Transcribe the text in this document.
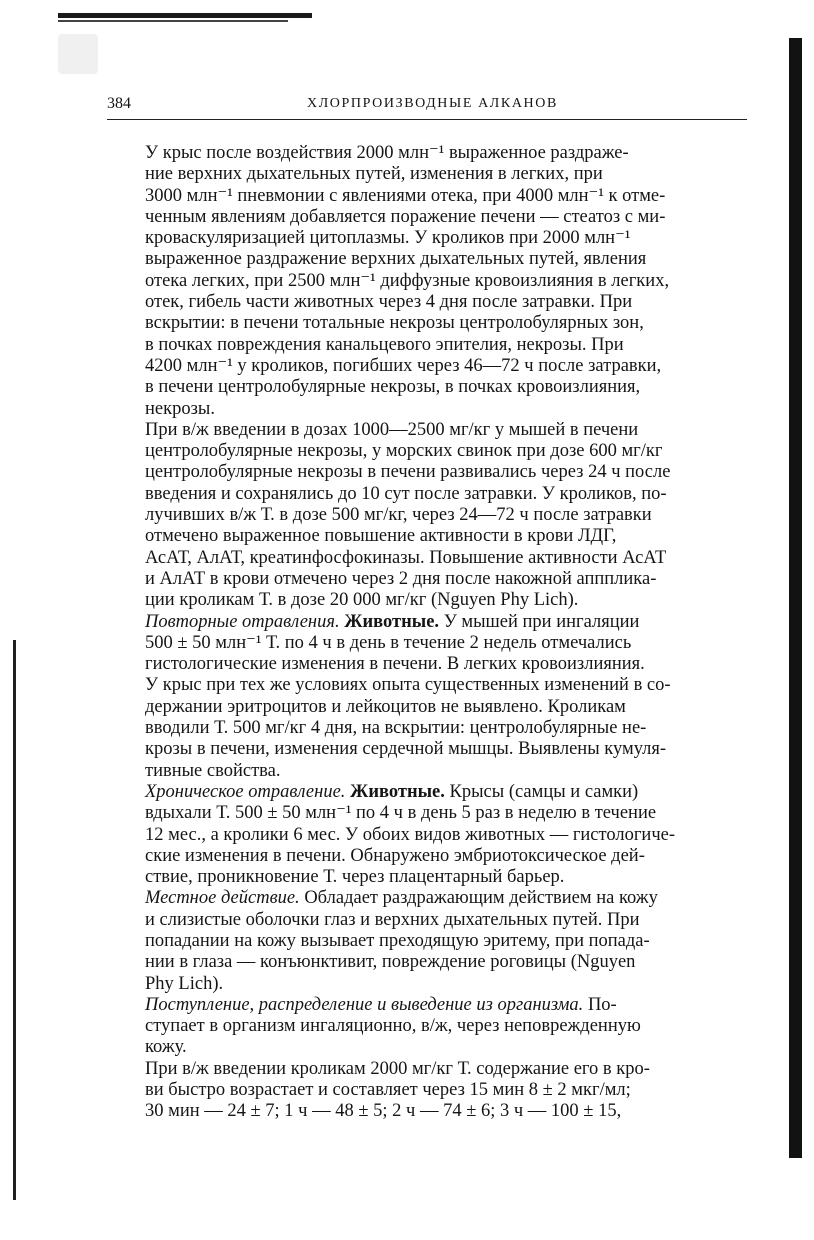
384	ХЛОРПРОИЗВОДНЫЕ АЛКАНОВ

У крыс после воздействия 2000 млн⁻¹ выраженное раздраже-
ние верхних дыхательных путей, изменения в легких, при
3000 млн⁻¹ пневмонии с явлениями отека, при 4000 млн⁻¹ к отме-
ченным явлениям добавляется поражение печени — стеатоз с ми-
кроваскуляризацией цитоплазмы. У кроликов при 2000 млн⁻¹
выраженное раздражение верхних дыхательных путей, явления
отека легких, при 2500 млн⁻¹ диффузные кровоизлияния в легких,
отек, гибель части животных через 4 дня после затравки. При
вскрытии: в печени тотальные некрозы центролобулярных зон,
в почках повреждения канальцевого эпителия, некрозы. При
4200 млн⁻¹ у кроликов, погибших через 46—72 ч после затравки,
в печени центролобулярные некрозы, в почках кровоизлияния,
некрозы.

При в/ж введении в дозах 1000—2500 мг/кг у мышей в печени
центролобулярные некрозы, у морских свинок при дозе 600 мг/кг
центролобулярные некрозы в печени развивались через 24 ч после
введения и сохранялись до 10 сут после затравки. У кроликов, по-
лучивших в/ж Т. в дозе 500 мг/кг, через 24—72 ч после затравки
отмечено выраженное повышение активности в крови ЛДГ,
АсАТ, АлАТ, креатинфосфокиназы. Повышение активности АсАТ
и АлАТ в крови отмечено через 2 дня после накожной аппплика-
ции кроликам Т. в дозе 20 000 мг/кг (Nguyen Phy Lich).

Повторные отравления. Животные. У мышей при ингаляции
500 ± 50 млн⁻¹ Т. по 4 ч в день в течение 2 недель отмечались
гистологические изменения в печени. В легких кровоизлияния.
У крыс при тех же условиях опыта существенных изменений в со-
держании эритроцитов и лейкоцитов не выявлено. Кроликам
вводили Т. 500 мг/кг 4 дня, на вскрытии: центролобулярные не-
крозы в печени, изменения сердечной мышцы. Выявлены кумуля-
тивные свойства.

Хроническое отравление. Животные. Крысы (самцы и самки)
вдыхали Т. 500 ± 50 млн⁻¹ по 4 ч в день 5 раз в неделю в течение
12 мес., а кролики 6 мес. У обоих видов животных — гистологиче-
ские изменения в печени. Обнаружено эмбриотоксическое дей-
ствие, проникновение Т. через плацентарный барьер.

Местное действие. Обладает раздражающим действием на кожу
и слизистые оболочки глаз и верхних дыхательных путей. При
попадании на кожу вызывает преходящую эритему, при попада-
нии в глаза — конъюнктивит, повреждение роговицы (Nguyen
Phy Lich).

Поступление, распределение и выведение из организма. По-
ступает в организм ингаляционно, в/ж, через неповрежденную
кожу.

При в/ж введении кроликам 2000 мг/кг Т. содержание его в кро-
ви быстро возрастает и составляет через 15 мин 8 ± 2 мкг/мл;
30 мин — 24 ± 7; 1 ч — 48 ± 5; 2 ч — 74 ± 6; 3 ч — 100 ± 15,
